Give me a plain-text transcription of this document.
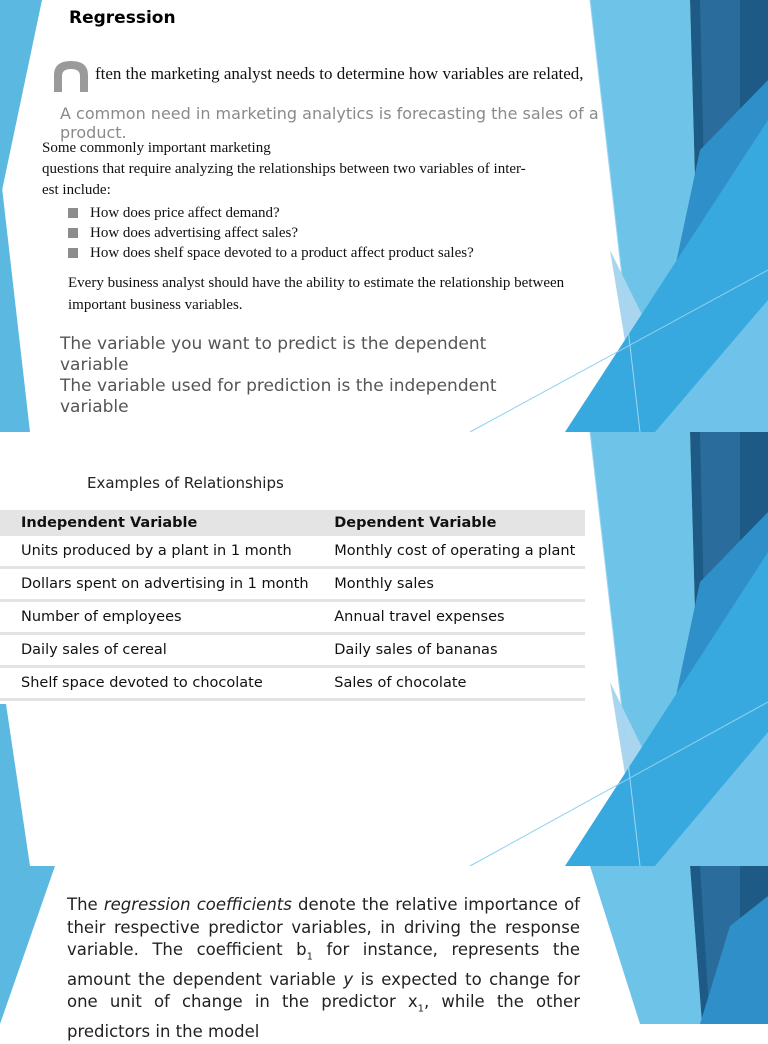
Regression
ften the marketing analyst needs to determine how variables are related,

A common need in marketing analytics is forecasting the sales of a product.

Some commonly important marketing
questions that require analyzing the relationships between two variables of inter-
est include:

How does price affect demand?
How does advertising affect sales?
How does shelf space devoted to a product affect product sales?

Every business analyst should have the ability to estimate the relationship between
important business variables.

The variable you want to predict is the dependent
variable
The variable used for prediction is the independent
variable

Examples of Relationships
Independent Variable	Dependent Variable
Units produced by a plant in 1 month	Monthly cost of operating a plant
Dollars spent on advertising in 1 month	Monthly sales
Number of employees	Annual travel expenses
Daily sales of cereal	Daily sales of bananas
Shelf space devoted to chocolate	Sales of chocolate

The regression coefficients denote the relative importance of their respective predictor variables, in driving the response variable. The coefficient $b_1$ for instance, represents the amount the dependent variable y is expected to change for one unit of change in the predictor $x_1$, while the other predictors in the model
